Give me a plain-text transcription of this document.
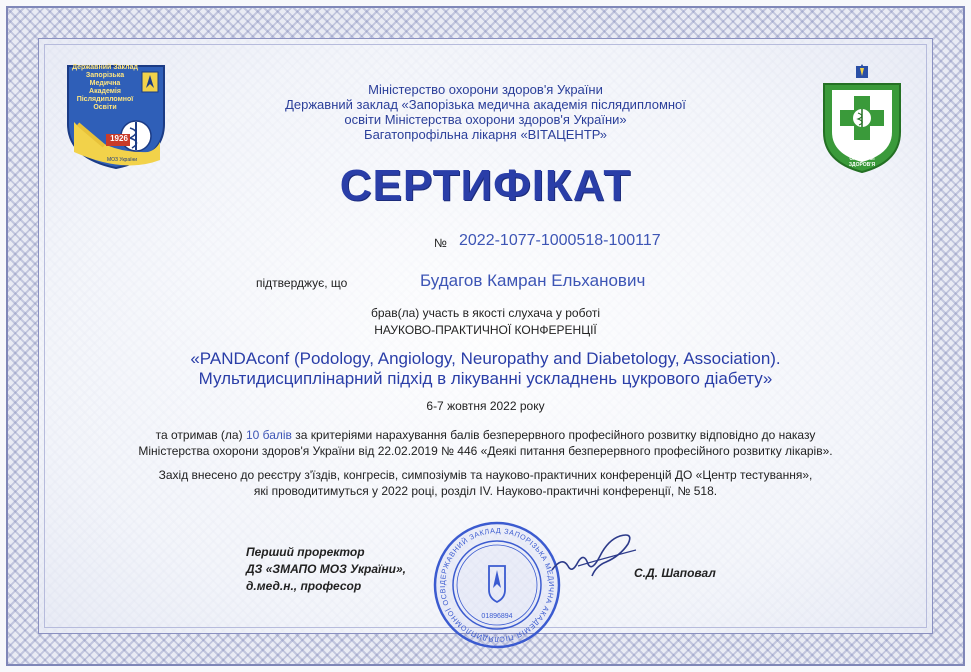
Державний Заклад
Запорізька
Медична
Академія
Післядипломної
Освіти
1926
МОЗ України
МІНІСТЕРСТВО ОХОРОНИ ЗДОРОВ'Я
Міністерство охорони здоров'я України
Державний заклад «Запорізька медична академія післядипломної
освіти Міністерства охорони здоров'я України»
Багатопрофільна лікарня «ВІТАЦЕНТР»
СЕРТИФІКАТ
№ 2022-1077-1000518-100117
підтверджує, що	Будагов Камран Ельханович
брав(ла) участь в якості слухача у роботі
НАУКОВО-ПРАКТИЧНОЇ КОНФЕРЕНЦІЇ
«PANDAconf (Podology, Angiology, Neuropathy and Diabetology, Association).
Мультидисциплінарний підхід в лікуванні ускладнень цукрового діабету»
6-7 жовтня 2022 року
та отримав (ла) 10 балів за критеріями нарахування балів безперервного професійного розвитку відповідно до наказу
Міністерства охорони здоров'я України від 22.02.2019 № 446 «Деякі питання безперервного професійного розвитку лікарів».
Захід внесено до реєстру з'їздів, конгресів, симпозіумів та науково-практичних конференцій ДО «Центр тестування»,
які проводитимуться у 2022 році, розділ IV. Науково-практичні конференції, № 518.
Перший проректор
ДЗ «ЗМАПО МОЗ України»,
д.мед.н., професор
С.Д. Шаповал
ДЕРЖАВНИЙ ЗАКЛАД ЗАПОРІЗЬКА МЕДИЧНА АКАДЕМІЯ ПІСЛЯДИПЛОМНОЇ ОСВІ
01896894
